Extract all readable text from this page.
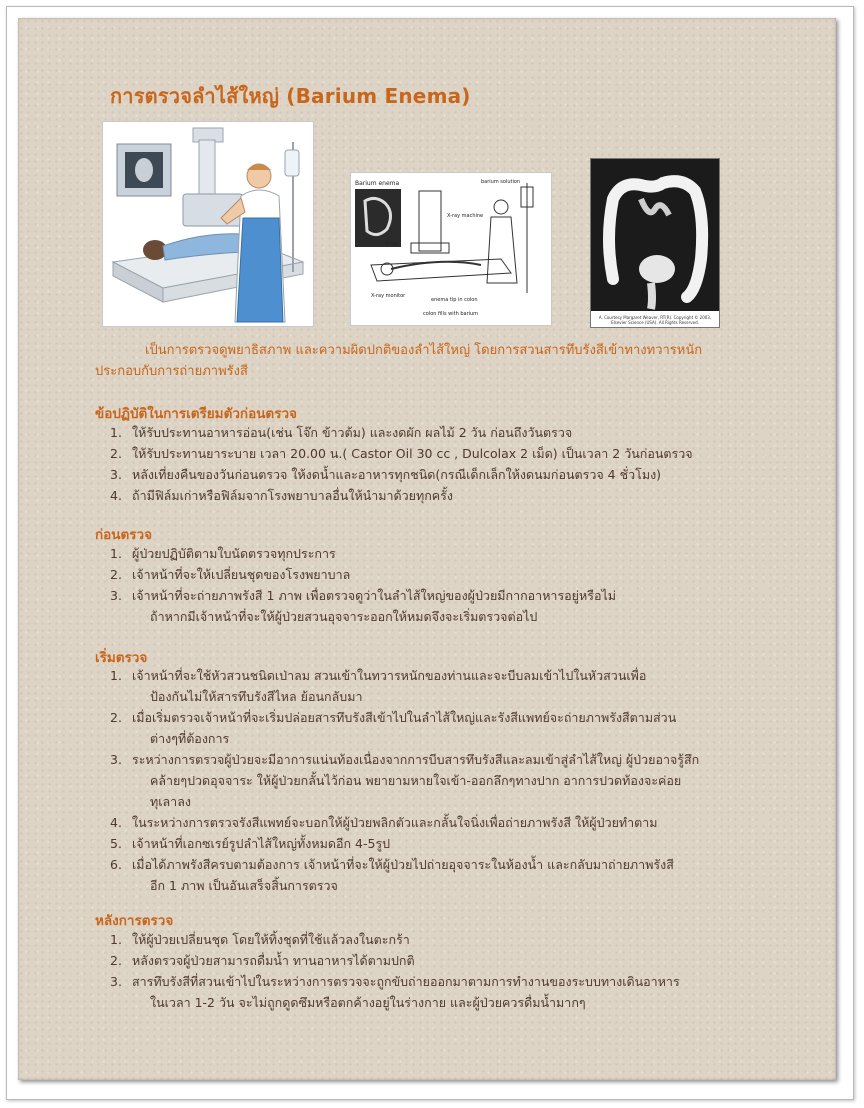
การตรวจลำไส้ใหญ่ (Barium Enema)
Barium enema	barium solution
X-ray machine
X-ray
X-ray monitor
enema tip in colon
colon fills with barium
A. Courtesy Margaret Weaver, RT(R). Copyright © 2003, Elsevier Science (USA). All Rights Reserved.
เป็นการตรวจดูพยาธิสภาพ และความผิดปกติของลำไส้ใหญ่ โดยการสวนสารทึบรังสีเข้าทางทวารหนัก
ประกอบกับการถ่ายภาพรังสี
ข้อปฏิบัติในการเตรียมตัวก่อนตรวจ
1. ให้รับประทานอาหารอ่อน(เช่น โจ๊ก ข้าวต้ม) และงดผัก ผลไม้ 2 วัน ก่อนถึงวันตรวจ
2. ให้รับประทานยาระบาย เวลา 20.00 น.( Castor Oil 30 cc , Dulcolax 2 เม็ด) เป็นเวลา 2 วันก่อนตรวจ
3. หลังเที่ยงคืนของวันก่อนตรวจ ให้งดน้ำและอาหารทุกชนิด(กรณีเด็กเล็กให้งดนมก่อนตรวจ 4 ชั่วโมง)
4. ถ้ามีฟิล์มเก่าหรือฟิล์มจากโรงพยาบาลอื่นให้นำมาด้วยทุกครั้ง
ก่อนตรวจ
1. ผู้ป่วยปฏิบัติตามใบนัดตรวจทุกประการ
2. เจ้าหน้าที่จะให้เปลี่ยนชุดของโรงพยาบาล
3. เจ้าหน้าที่จะถ่ายภาพรังสี 1 ภาพ เพื่อตรวจดูว่าในลำไส้ใหญ่ของผู้ป่วยมีกากอาหารอยู่หรือไม่
ถ้าหากมีเจ้าหน้าที่จะให้ผู้ป่วยสวนอุจจาระออกให้หมดจึงจะเริ่มตรวจต่อไป
เริ่มตรวจ
1. เจ้าหน้าที่จะใช้หัวสวนชนิดเป่าลม สวนเข้าในทวารหนักของท่านและจะบีบลมเข้าไปในหัวสวนเพื่อ
ป้องกันไม่ให้สารทึบรังสีไหล ย้อนกลับมา
2. เมื่อเริ่มตรวจเจ้าหน้าที่จะเริ่มปล่อยสารทึบรังสีเข้าไปในลำไส้ใหญ่และรังสีแพทย์จะถ่ายภาพรังสีตามส่วน
ต่างๆที่ต้องการ
3. ระหว่างการตรวจผู้ป่วยจะมีอาการแน่นท้องเนื่องจากการบีบสารทึบรังสีและลมเข้าสู่ลำไส้ใหญ่ ผู้ป่วยอาจรู้สึก
คล้ายๆปวดอุจจาระ ให้ผู้ป่วยกลั้นไว้ก่อน พยายามหายใจเข้า-ออกลึกๆทางปาก อาการปวดท้องจะค่อย
ทุเลาลง
4. ในระหว่างการตรวจรังสีแพทย์จะบอกให้ผู้ป่วยพลิกตัวและกลั้นใจนิ่งเพื่อถ่ายภาพรังสี ให้ผู้ป่วยทำตาม
5. เจ้าหน้าที่เอกซเรย์รูปลำไส้ใหญ่ทั้งหมดอีก 4-5รูป
6. เมื่อได้ภาพรังสีครบตามต้องการ เจ้าหน้าที่จะให้ผู้ป่วยไปถ่ายอุจจาระในห้องน้ำ และกลับมาถ่ายภาพรังสี
อีก 1 ภาพ เป็นอันเสร็จสิ้นการตรวจ
หลังการตรวจ
1. ให้ผู้ป่วยเปลี่ยนชุด โดยให้ทิ้งชุดที่ใช้แล้วลงในตะกร้า
2. หลังตรวจผู้ป่วยสามารถดื่มน้ำ ทานอาหารได้ตามปกติ
3. สารทึบรังสีที่สวนเข้าไปในระหว่างการตรวจจะถูกขับถ่ายออกมาตามการทำงานของระบบทางเดินอาหาร
ในเวลา 1-2 วัน จะไม่ถูกดูดซึมหรือตกค้างอยู่ในร่างกาย และผู้ป่วยควรดื่มน้ำมากๆ
